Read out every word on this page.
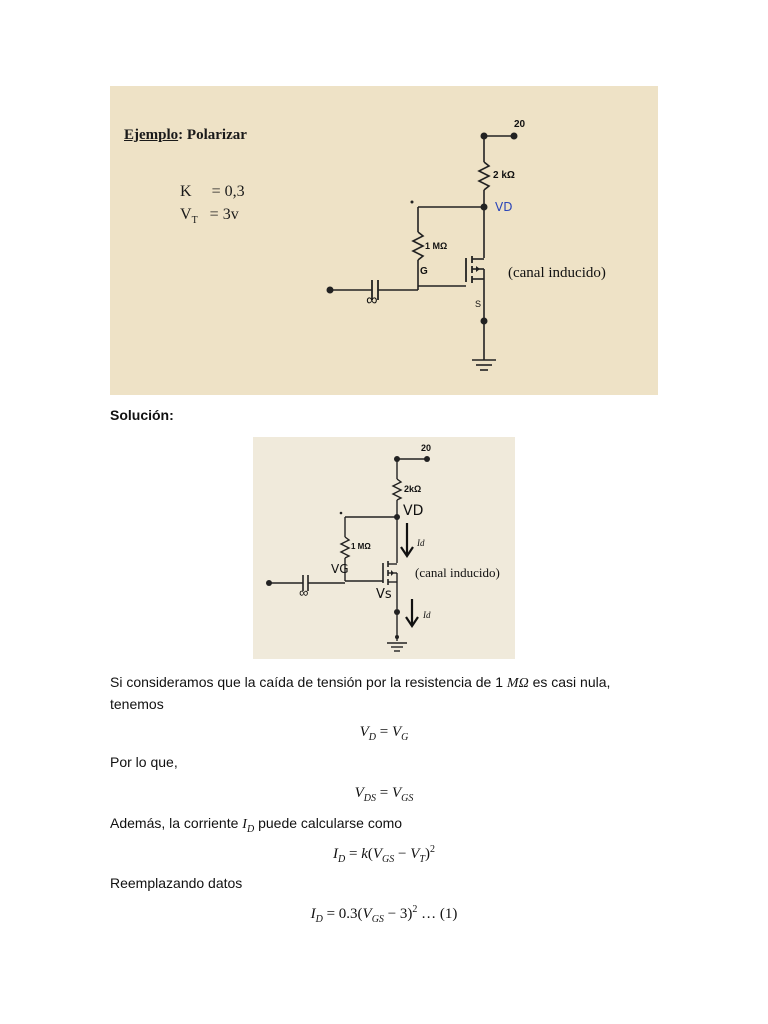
Ejemplo: Polarizar
K = 0,3
$V_T = 3v$
20
2 kΩ
VD
1 MΩ
G
S
(canal inducido)
∞
Solución:
20
2kΩ
VD
1 MΩ
VG
Vs
Id
Id
(canal inducido)
∞
Si consideramos que la caída de tensión por la resistencia de 1 MΩ es casi nula,
tenemos
$V_D = V_G$
Por lo que,
$V_{DS} = V_{GS}$
Además, la corriente $I_D$ puede calcularse como
$I_D = k(V_{GS} - V_T)^2$
Reemplazando datos
$I_D = 0.3(V_{GS} - 3)^2$ … (1)
